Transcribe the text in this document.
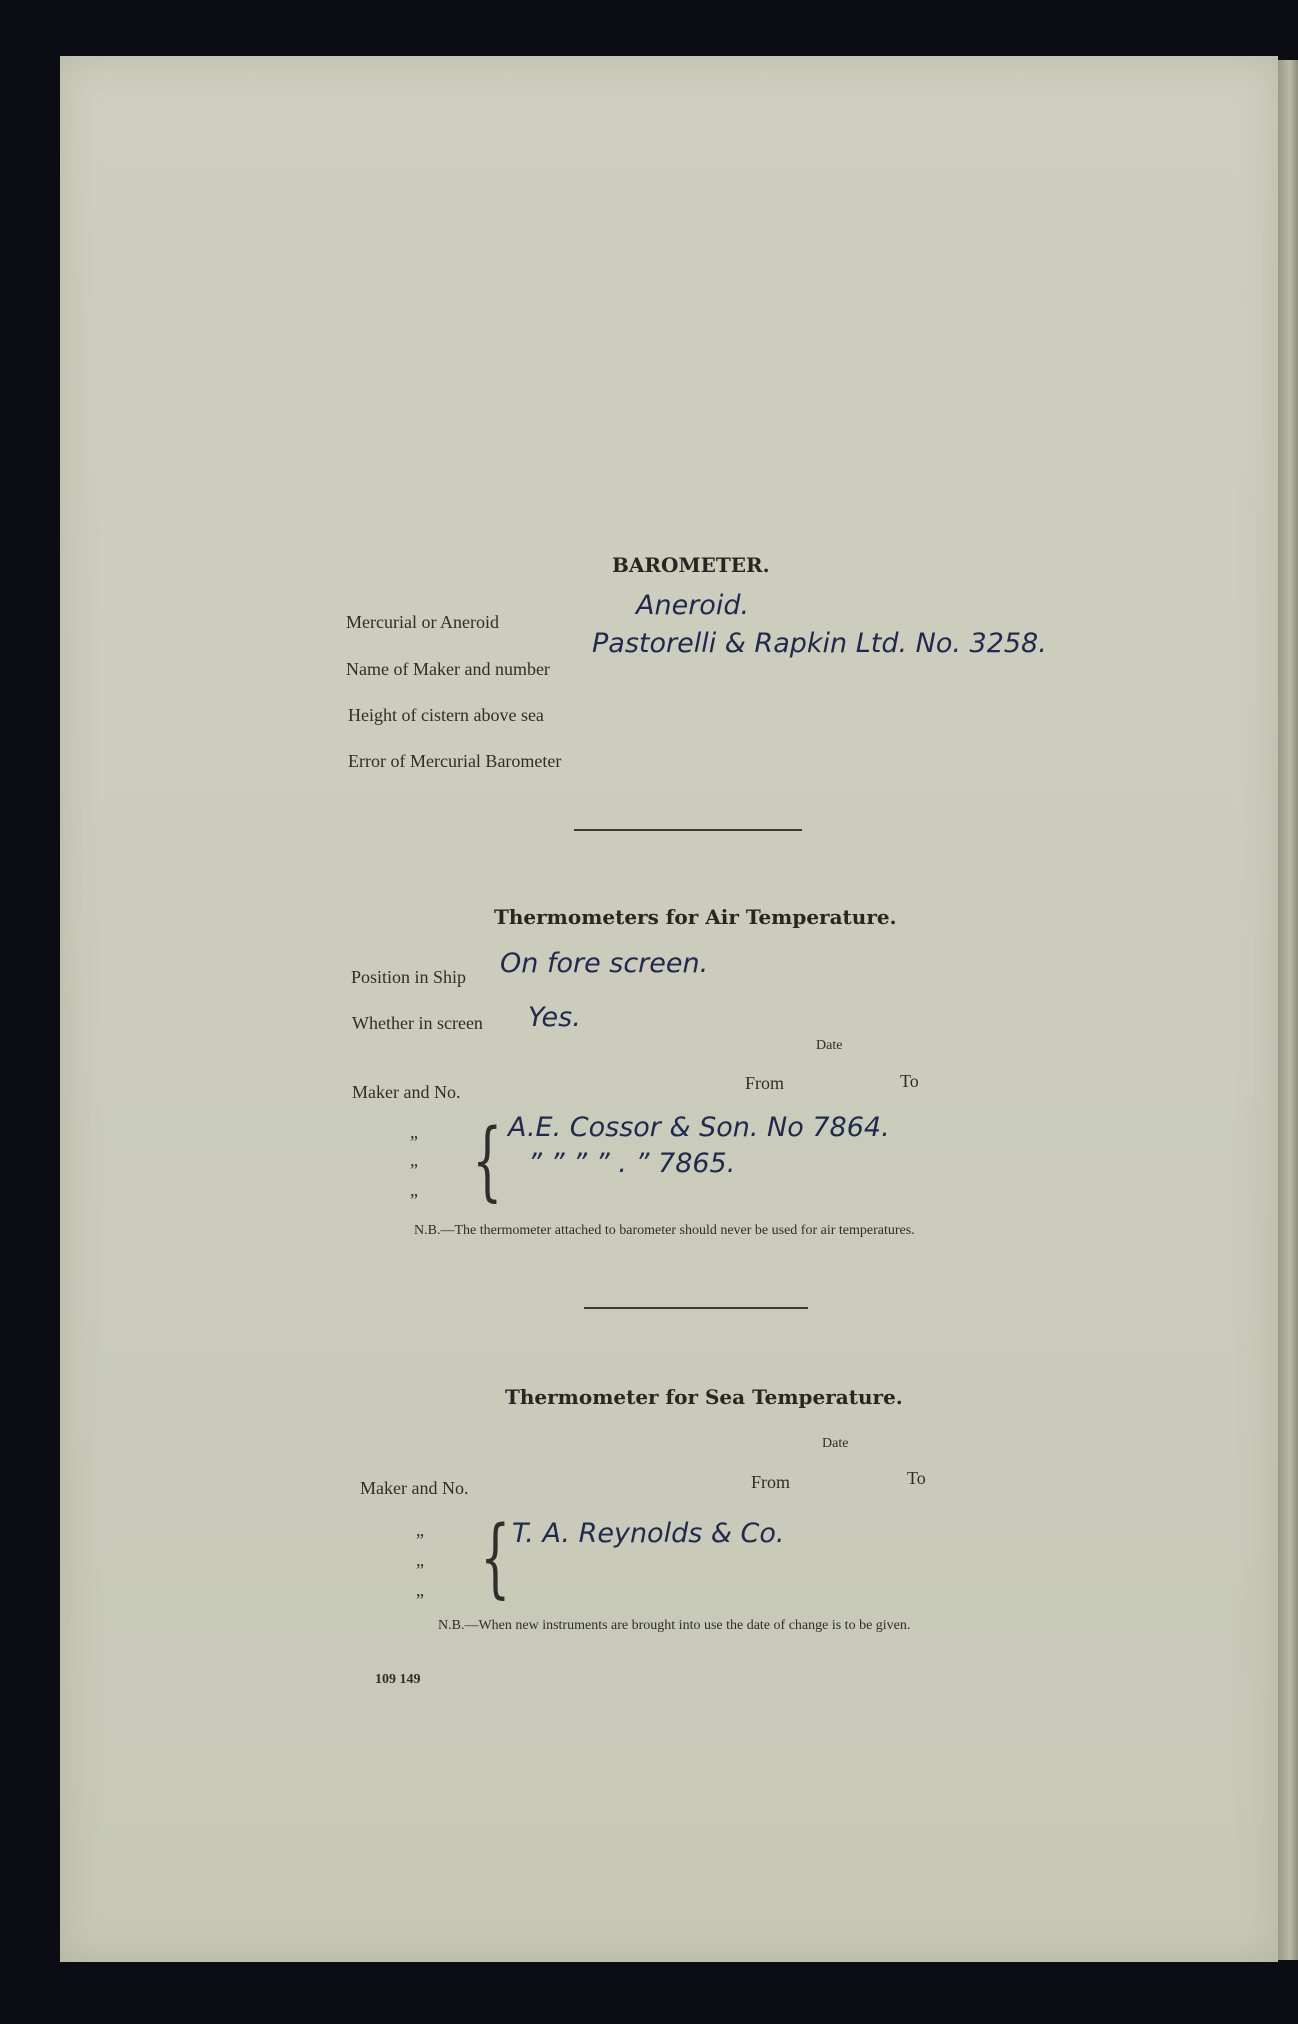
BAROMETER.
Mercurial or Aneroid
Aneroid.
Name of Maker and number
Pastorelli & Rapkin Ltd. No. 3258.
Height of cistern above sea
Error of Mercurial Barometer
Thermometers for Air Temperature.
Position in Ship On fore screen.
Whether in screen Yes.
Date
From	To
Maker and No.
”
”
” { A.E. Cossor & Son. No 7864.
” ” ” ” . ” 7865.
N.B.—The thermometer attached to barometer should never be used for air temperatures.
Thermometer for Sea Temperature.
Date
From	To
Maker and No.
”
”
” { T. A. Reynolds & Co.
N.B.—When new instruments are brought into use the date of change is to be given.
109 149
